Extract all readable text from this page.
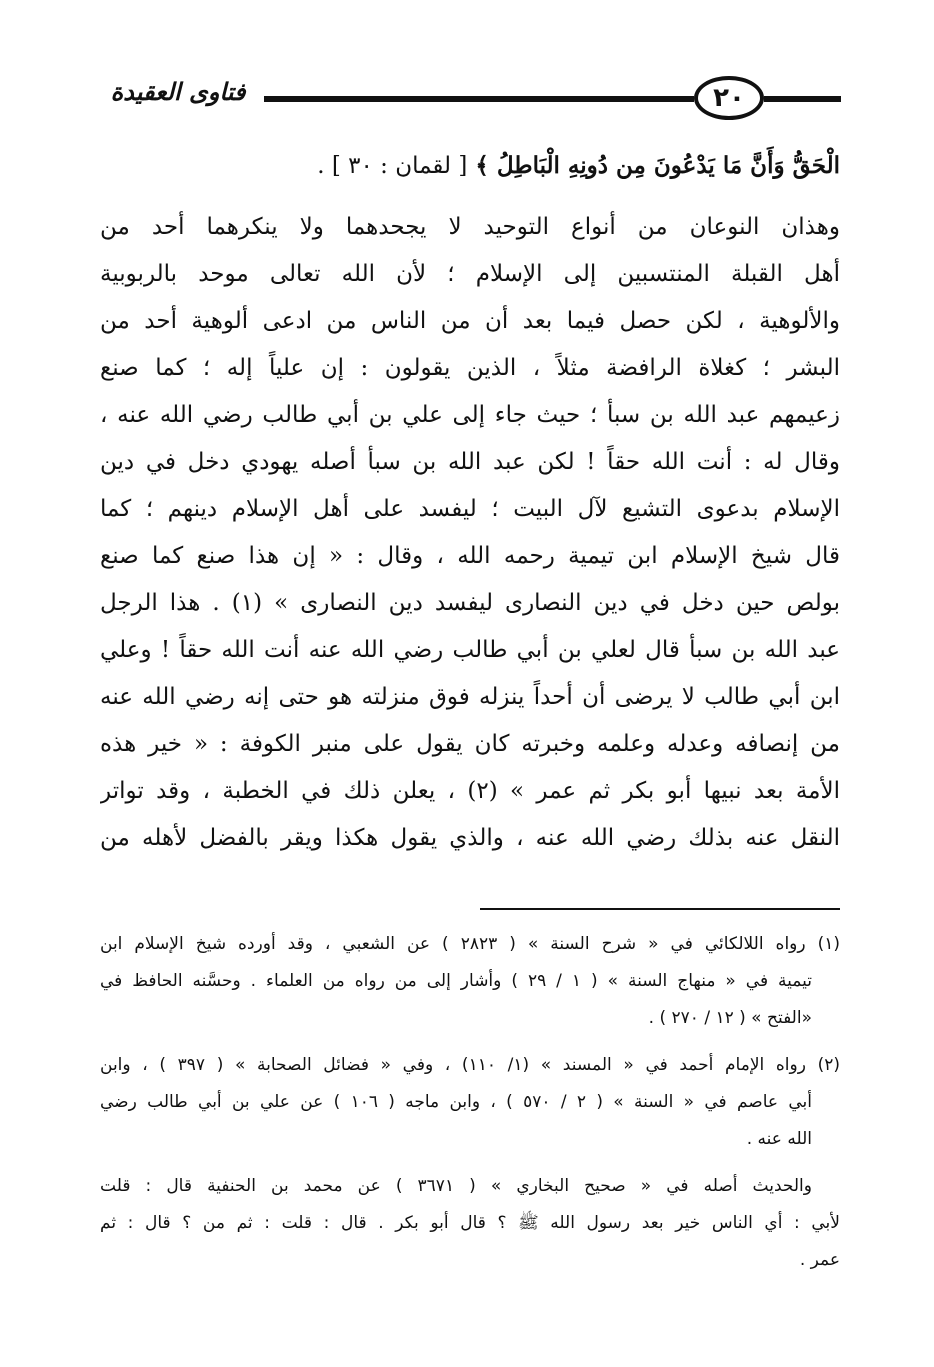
فتاوى العقيدة	٢٠
الْحَقُّ وَأَنَّ مَا يَدْعُونَ مِن دُونِهِ الْبَاطِلُ ﴾ [ لقمان : ٣٠ ] .
وهذان النوعان من أنواع التوحيد لا يجحدهما ولا ينكرهما أحد من
أهل القبلة المنتسبين إلى الإسلام ؛ لأن الله تعالى موحد بالربوبية
والألوهية ، لكن حصل فيما بعد أن من الناس من ادعى ألوهية أحد من
البشر ؛ كغلاة الرافضة مثلاً ، الذين يقولون : إن علياً إله ؛ كما صنع
زعيمهم عبد الله بن سبأ ؛ حيث جاء إلى علي بن أبي طالب رضي الله عنه ،
وقال له : أنت الله حقاً ! لكن عبد الله بن سبأ أصله يهودي دخل في دين
الإسلام بدعوى التشيع لآل البيت ؛ ليفسد على أهل الإسلام دينهم ؛ كما
قال شيخ الإسلام ابن تيمية رحمه الله ، وقال : « إن هذا صنع كما صنع
بولص حين دخل في دين النصارى ليفسد دين النصارى » (١) . هذا الرجل
عبد الله بن سبأ قال لعلي بن أبي طالب رضي الله عنه أنت الله حقاً ! وعلي
ابن أبي طالب لا يرضى أن أحداً ينزله فوق منزلته هو حتى إنه رضي الله عنه
من إنصافه وعدله وعلمه وخبرته كان يقول على منبر الكوفة : « خير هذه
الأمة بعد نبيها أبو بكر ثم عمر » (٢) ، يعلن ذلك في الخطبة ، وقد تواتر
النقل عنه بذلك رضي الله عنه ، والذي يقول هكذا ويقر بالفضل لأهله من
(١) رواه اللالكائي في « شرح السنة » ( ٢٨٢٣ ) عن الشعبي ، وقد أورده شيخ الإسلام ابن
تيمية في « منهاج السنة » ( ١ / ٢٩ ) وأشار إلى من رواه من العلماء . وحسَّنه الحافظ في
«الفتح » ( ١٢ / ٢٧٠ ) .
(٢) رواه الإمام أحمد في « المسند » (١/ ١١٠) ، وفي « فضائل الصحابة » ( ٣٩٧ ) ، وابن
أبي عاصم في « السنة » ( ٢ / ٥٧٠ ) ، وابن ماجه ( ١٠٦ ) عن علي بن أبي طالب رضي
الله عنه .
والحديث أصله في « صحيح البخاري » ( ٣٦٧١ ) عن محمد بن الحنفية قال : قلت
لأبي : أي الناس خير بعد رسول الله ﷺ ؟ قال أبو بكر . قال : قلت : ثم من ؟ قال : ثم
عمر .
